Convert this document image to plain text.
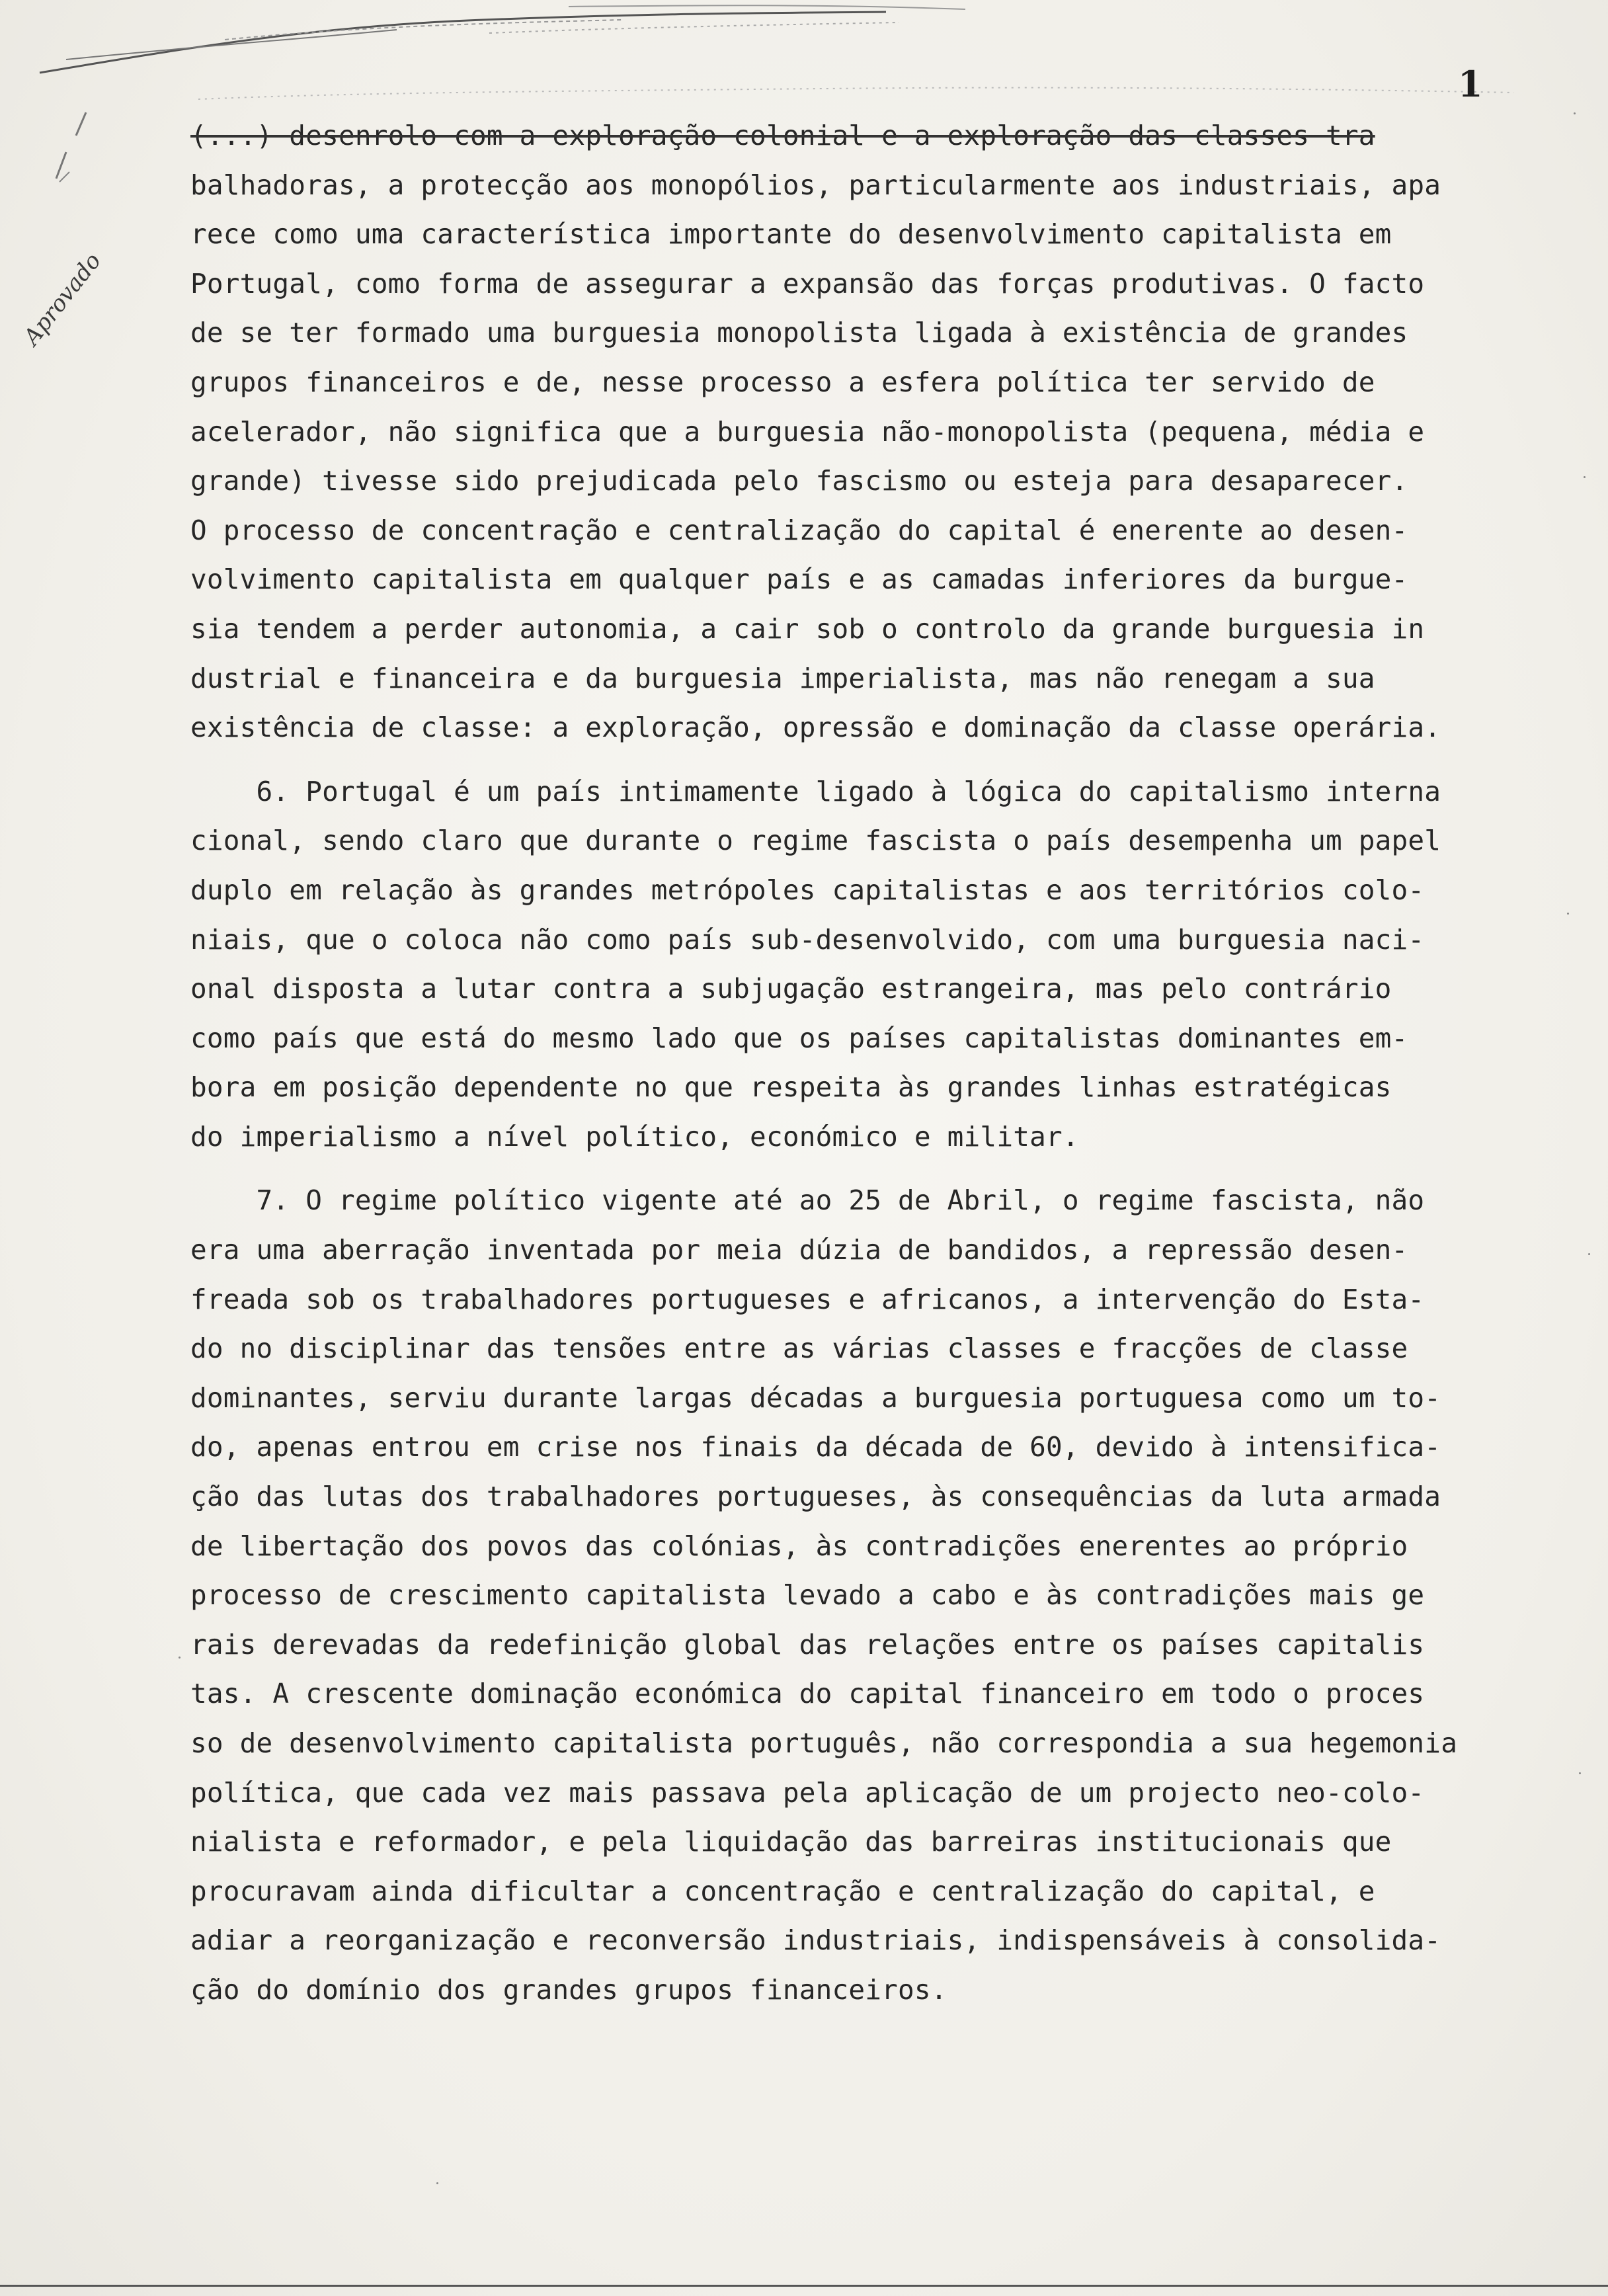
1
Aprovado
(...) desenrolo com a exploração colonial e a exploração das classes tra
balhadoras, a protecção aos monopólios, particularmente aos industriais, apa
rece como uma característica importante do desenvolvimento capitalista em
Portugal, como forma de assegurar a expansão das forças produtivas. O facto
de se ter formado uma burguesia monopolista ligada à existência de grandes
grupos financeiros e de, nesse processo a esfera política ter servido de
acelerador, não significa que a burguesia não-monopolista (pequena, média e
grande) tivesse sido prejudicada pelo fascismo ou esteja para desaparecer.
O processo de concentração e centralização do capital é enerente ao desen-
volvimento capitalista em qualquer país e as camadas inferiores da burgue-
sia tendem a perder autonomia, a cair sob o controlo da grande burguesia in
dustrial e financeira e da burguesia imperialista, mas não renegam a sua
existência de classe: a exploração, opressão e dominação da classe operária.
6. Portugal é um país intimamente ligado à lógica do capitalismo interna
cional, sendo claro que durante o regime fascista o país desempenha um papel
duplo em relação às grandes metrópoles capitalistas e aos territórios colo-
niais, que o coloca não como país sub-desenvolvido, com uma burguesia naci-
onal disposta a lutar contra a subjugação estrangeira, mas pelo contrário
como país que está do mesmo lado que os países capitalistas dominantes em-
bora em posição dependente no que respeita às grandes linhas estratégicas
do imperialismo a nível político, económico e militar.
7. O regime político vigente até ao 25 de Abril, o regime fascista, não
era uma aberração inventada por meia dúzia de bandidos, a repressão desen-
freada sob os trabalhadores portugueses e africanos, a intervenção do Esta-
do no disciplinar das tensões entre as várias classes e fracções de classe
dominantes, serviu durante largas décadas a burguesia portuguesa como um to-
do, apenas entrou em crise nos finais da década de 60, devido à intensifica-
ção das lutas dos trabalhadores portugueses, às consequências da luta armada
de libertação dos povos das colónias, às contradições enerentes ao próprio
processo de crescimento capitalista levado a cabo e às contradições mais ge
rais derevadas da redefinição global das relações entre os países capitalis
tas. A crescente dominação económica do capital financeiro em todo o proces
so de desenvolvimento capitalista português, não correspondia a sua hegemonia
política, que cada vez mais passava pela aplicação de um projecto neo-colo-
nialista e reformador, e pela liquidação das barreiras institucionais que
procuravam ainda dificultar a concentração e centralização do capital, e
adiar a reorganização e reconversão industriais, indispensáveis à consolida-
ção do domínio dos grandes grupos financeiros.
